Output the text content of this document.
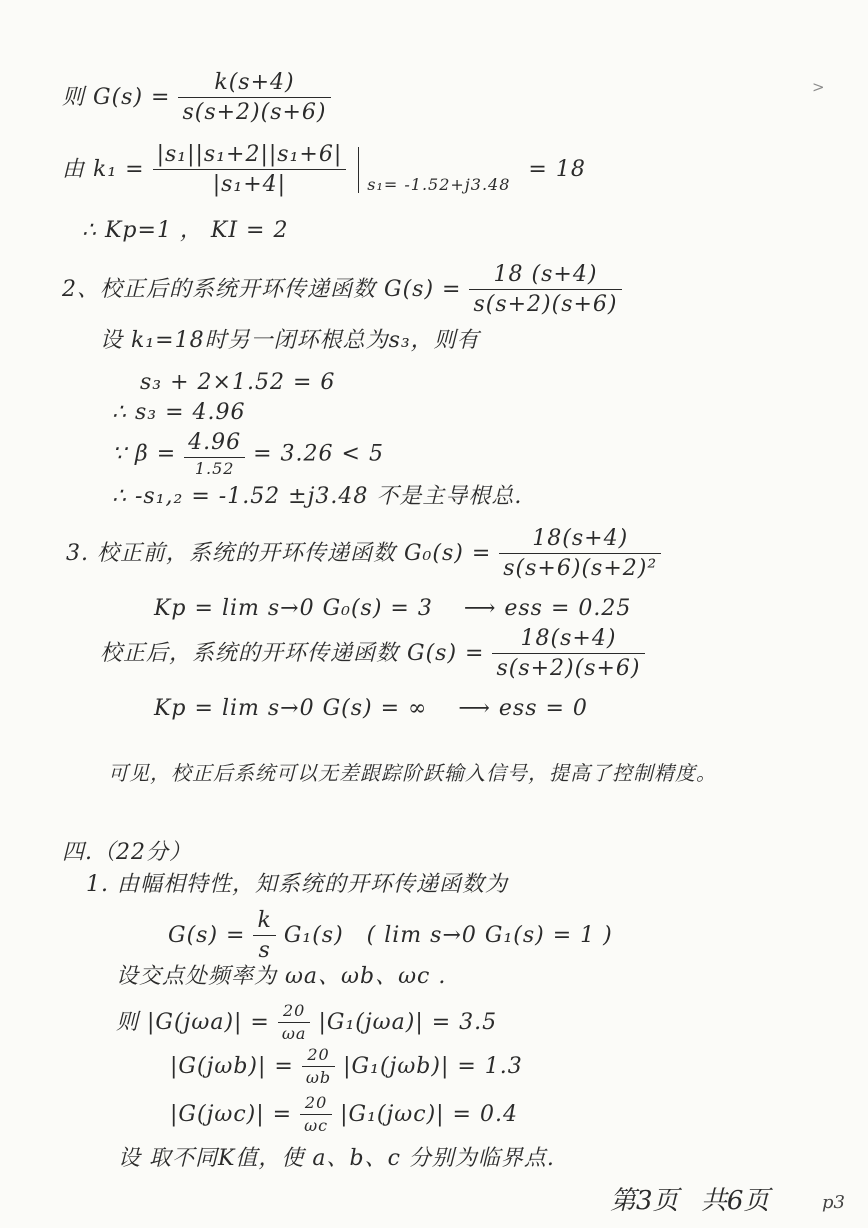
>
则 $G(s) = \frac{k(s+4)}{s(s+2)(s+6)}$
由 $k_1 = \frac{\text{|s₁||s₁+2||s₁+6|}}{\text{|s₁+4|}} _{s_1= -1.52+j3.48} = 18$
∴ Kp=1 ， KI = 2
2、校正后的系统开环传递函数 $G(s) = \frac{18 (s+4)}{s(s+2)(s+6)}$
设 k₁=18时另一闭环根总为s₃，则有
s₃ + 2×1.52 = 6
∴ s₃ = 4.96
∵ $\beta = \frac{4.96}{1.52} = 3.26 < 5$
∴ -s₁,₂ = -1.52 ±j3.48 不是主导根总.
3. 校正前，系统的开环传递函数 $G_0(s) = \frac{18(s+4)}{\text{s(s+6)(s+2)²}}$
Kp = lim s→0 G₀(s) = 3　 ⟶ ess = 0.25
校正后，系统的开环传递函数 $G(s) = \frac{18(s+4)}{s(s+2)(s+6)}$
Kp = lim s→0 G(s) = ∞　 ⟶ ess = 0
可见，校正后系统可以无差跟踪阶跃输入信号，提高了控制精度。
四.（22分）
1. 由幅相特性，知系统的开环传递函数为
$G(s) = \frac{k}{s} G_1(s)$　( lim s→0 G₁(s) = 1 )
设交点处频率为 ωa、ωb、ωc .
则 $|G(j\omega a)| = \frac{20}{\omega a} |G_1(j\omega a)| = 3.5$
$|G(j\omega b)| = \frac{20}{\omega b} |G_1(j\omega b)| = 1.3$
$|G(j\omega c)| = \frac{20}{\omega c} |G_1(j\omega c)| = 0.4$
设 取不同K值，使 a、b、c 分别为临界点.
第3页 共6页	p3
